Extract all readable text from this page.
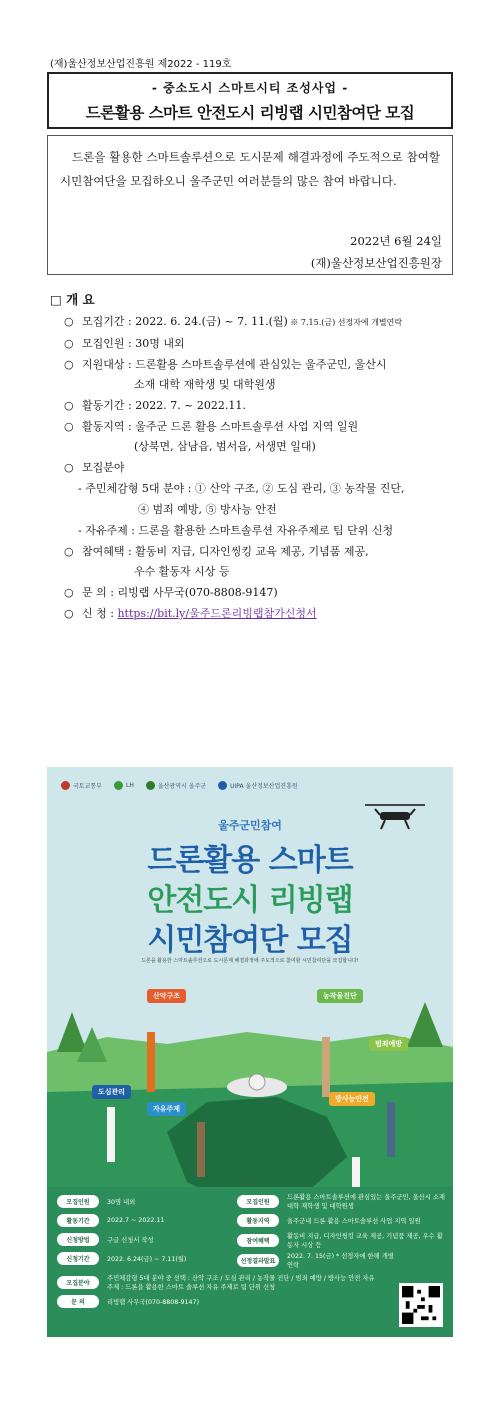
(재)울산정보산업진흥원 제2022 - 119호
- 중소도시 스마트시티 조성사업 -
드론활용 스마트 안전도시 리빙랩 시민참여단 모집
드론을 활용한 스마트솔루션으로 도시문제 해결과정에 주도적으로 참여할 시민참여단을 모집하오니 울주군민 여러분들의 많은 참여 바랍니다.
2022년 6월 24일
(재)울산정보산업진흥원장
□ 개 요
○ 모집기간 : 2022. 6. 24.(금) ~ 7. 11.(월) ※ 7.15.(금) 선정자에 개별연락
○ 모집인원 : 30명 내외
○ 지원대상 : 드론활용 스마트솔루션에 관심있는 울주군민, 울산시
소재 대학 재학생 및 대학원생
○ 활동기간 : 2022. 7. ~ 2022.11.
○ 활동지역 : 울주군 드론 활용 스마트솔루션 사업 지역 일원
(상북면, 삼남읍, 범서읍, 서생면 일대)
○ 모집분야
- 주민체감형 5대 분야 : ① 산악 구조, ② 도심 관리, ③ 농작물 진단,
④ 범죄 예방, ⑤ 방사능 안전
- 자유주제 : 드론을 활용한 스마트솔루션 자유주제로 팀 단위 신청
○ 참여혜택 : 활동비 지급, 디자인씽킹 교육 제공, 기념품 제공,
우수 활동자 시상 등
○ 문 의 : 리빙랩 사무국(070-8808-9147)
○ 신 청 : https://bit.ly/울주드론리빙랩참가신청서
국토교통부	LH	울산광역시 울주군	UIPA 울산정보산업진흥원
울주군민참여
드론활용 스마트
안전도시 리빙랩
시민참여단 모집
드론을 활용한 스마트솔루션으로 도시문제 해결과정에 주도적으로 참여할 시민참여단을 모집합니다!
산악구조	농작물진단
범죄예방
도심관리
자유주제
방사능안전
모집인원	30명 내외
활동기간	2022.7 ~ 2022.11
신청방법	구글 신청서 작성
신청기간	2022. 6.24(금) ~ 7.11(월)
모집인원
드론활용 스마트솔루션에 관심있는 울주군민, 울산시 소재 대학 재학생 및 대학원생
활동지역	울주군내 드론 활용 스마트솔루션 사업 지역 일원
참여혜택
활동비 지급, 디자인씽킹 교육 제공, 기념품 제공, 우수 활동자 시상 등
선정결과발표
2022. 7. 15(금) * 선정자에 한해 개별 연락
모집분야
주민체감형 5대 분야 중 선택 : 산악 구조 / 도심 관리 / 농작물 진단 / 범죄 예방 / 방사능 안전 자유주제 : 드론을 활용한 스마트 솔루션 자유 주제로 팀 단위 신청
문 의	리빙랩 사무국(070-8808-9147)
